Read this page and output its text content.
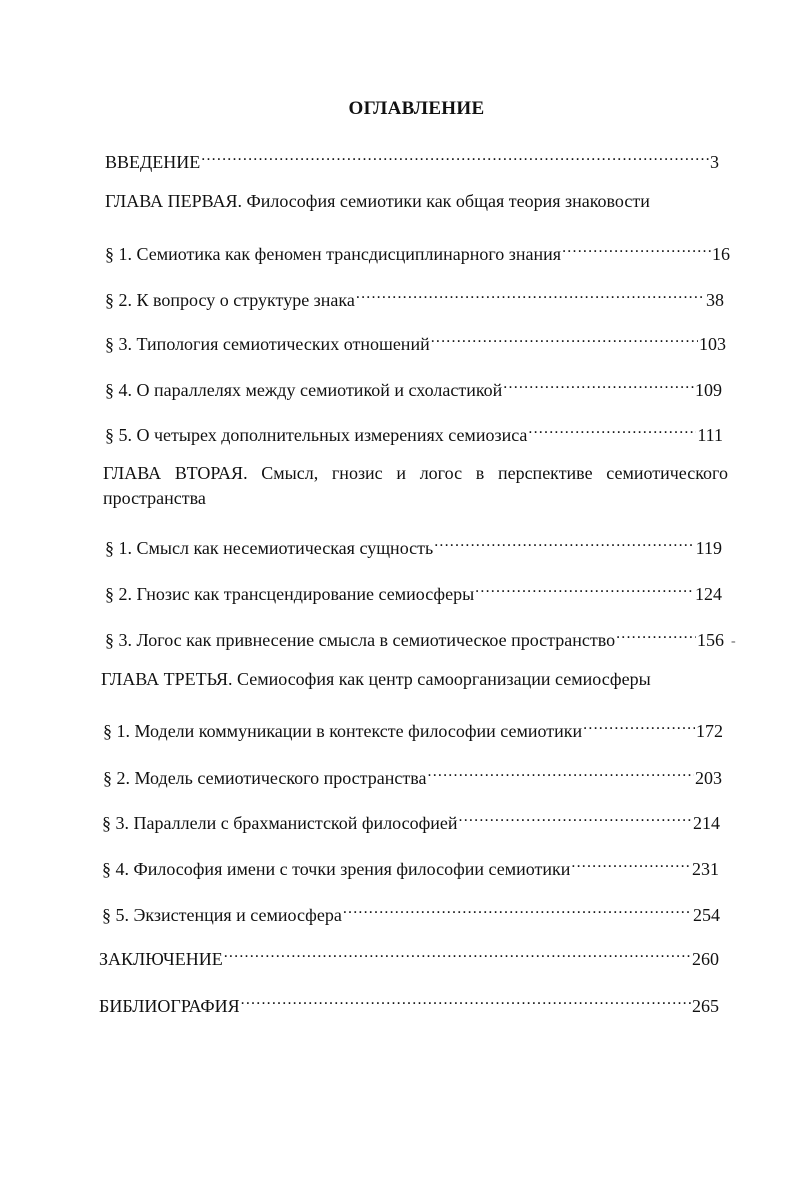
ОГЛАВЛЕНИЕ
ВВЕДЕНИЕ .....	3
ГЛАВА ПЕРВАЯ. Философия семиотики как общая теория знаковости
§ 1. Семиотика как феномен трансдисциплинарного знания .....	16
§ 2. К вопросу о структуре знака .....	38
§ 3. Типология семиотических отношений .....	103
§ 4. О параллелях между семиотикой и схоластикой .....	109
§ 5. О четырех дополнительных измерениях семиозиса .....	111
ГЛАВА ВТОРАЯ. Смысл, гнозис и логос в перспективе семиотического
пространства
§ 1. Смысл как несемиотическая сущность .....	119
§ 2. Гнозис как трансцендирование семиосферы .....	124
§ 3. Логос как привнесение смысла в семиотическое пространство .....	156 -
ГЛАВА ТРЕТЬЯ. Семиософия как центр самоорганизации семиосферы
§ 1. Модели коммуникации в контексте философии семиотики .....	172
§ 2. Модель семиотического пространства .....	203
§ 3. Параллели с брахманистской философией .....	214
§ 4. Философия имени с точки зрения философии семиотики .....	231
§ 5. Экзистенция и семиосфера .....	254
ЗАКЛЮЧЕНИЕ .....	260
БИБЛИОГРАФИЯ .....	265
